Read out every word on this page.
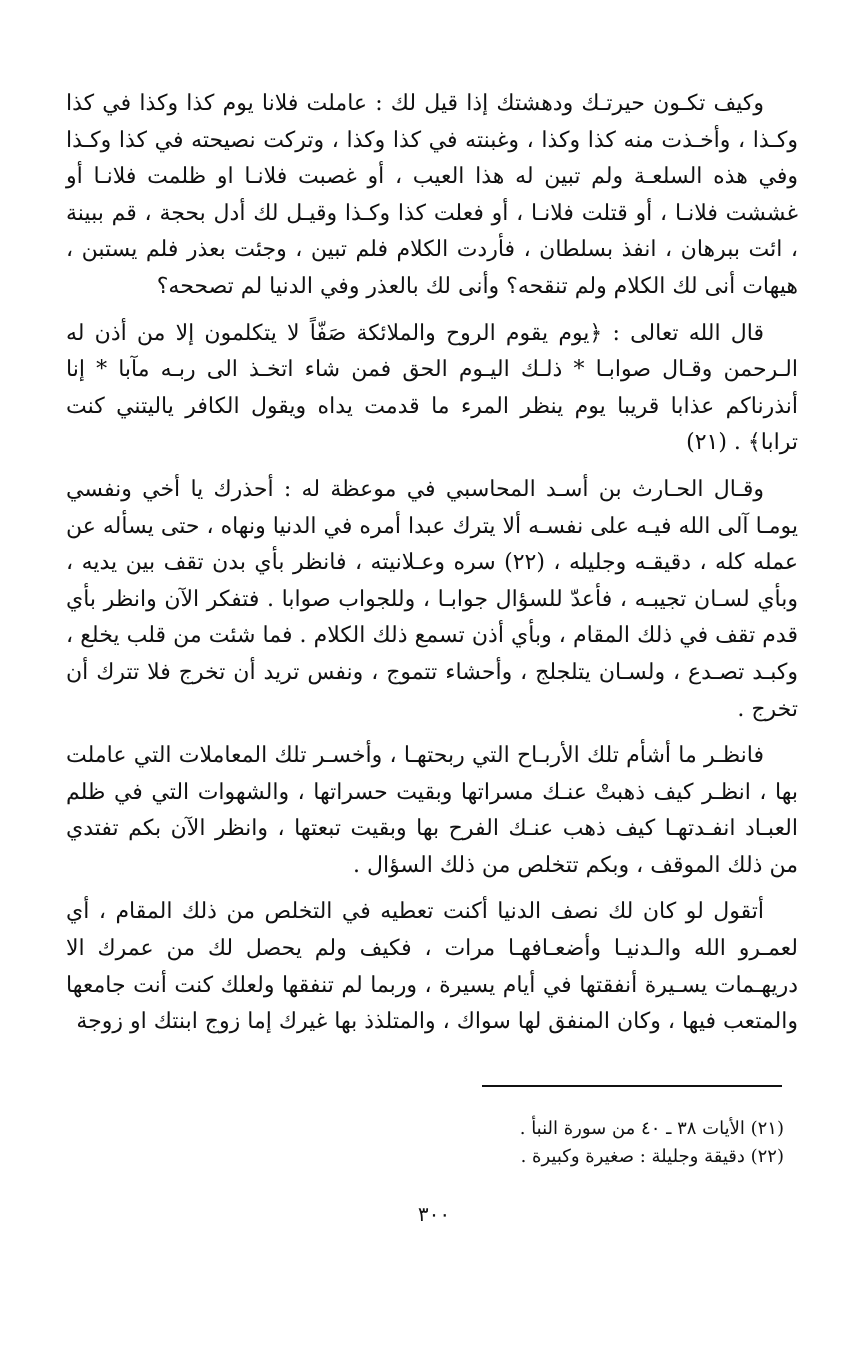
وكيف تكـون حيرتـك ودهشتك إذا قيل لك : عاملت فلانا يوم كذا وكذا في كذا وكـذا ، وأخـذت منه كذا وكذا ، وغبنته في كذا وكذا ، وتركت نصيحته في كذا وكـذا وفي هذه السلعـة ولم تبين له هذا العيب ، أو غصبت فلانـا او ظلمت فلانـا أو غششت فلانـا ، أو قتلت فلانـا ، أو فعلت كذا وكـذا وقيـل لك أدل بحجة ، قم ببينة ، ائت ببرهان ، انفذ بسلطان ، فأردت الكلام فلم تبين ، وجئت بعذر فلم يستبن ، هيهات أنى لك الكلام ولم تنقحه؟ وأنى لك بالعذر وفي الدنيا لم تصححه؟

قال الله تعالى : ﴿يوم يقوم الروح والملائكة صَفّاً لا يتكلمون إلا من أذن له الـرحمن وقـال صوابـا * ذلـك اليـوم الحق فمن شاء اتخـذ الى ربـه مآبا * إنا أنذرناكم عذابا قريبا يوم ينظر المرء ما قدمت يداه ويقول الكافر ياليتني كنت ترابا﴾ . (٢١)

وقـال الحـارث بن أسـد المحاسبي في موعظة له : أحذرك يا أخي ونفسي يومـا آلى الله فيـه على نفسـه ألا يترك عبدا أمره في الدنيا ونهاه ، حتى يسأله عن عمله كله ، دقيقـه وجليله ، (٢٢) سره وعـلانيته ، فانظر بأي بدن تقف بين يديه ، وبأي لسـان تجيبـه ، فأعدّ للسؤال جوابـا ، وللجواب صوابا . فتفكر الآن وانظر بأي قدم تقف في ذلك المقام ، وبأي أذن تسمع ذلك الكلام . فما شئت من قلب يخلع ، وكبـد تصـدع ، ولسـان يتلجلج ، وأحشاء تتموج ، ونفس تريد أن تخرج فلا تترك أن تخرج .

فانظـر ما أشأم تلك الأربـاح التي ربحتهـا ، وأخسـر تلك المعاملات التي عاملت بها ، انظـر كيف ذهبتْ عنـك مسراتها وبقيت حسراتها ، والشهوات التي في ظلم العبـاد انفـدتهـا كيف ذهب عنـك الفرح بها وبقيت تبعتها ، وانظر الآن بكم تفتدي من ذلك الموقف ، وبكم تتخلص من ذلك السؤال .

أتقول لو كان لك نصف الدنيا أكنت تعطيه في التخلص من ذلك المقام ، أي لعمـرو الله والـدنيـا وأضعـافهـا مرات ، فكيف ولم يحصل لك من عمرك الا دريهـمات يسـيرة أنفقتها في أيام يسيرة ، وربما لم تنفقها ولعلك كنت أنت جامعها والمتعب فيها ، وكان المنفق لها سواك ، والمتلذذ بها غيرك إما زوج ابنتك او زوجة

(٢١) الأيات ٣٨ ـ ٤٠ من سورة النبأ .

(٢٢) دقيقة وجليلة : صغيرة وكبيرة .

٣٠٠
